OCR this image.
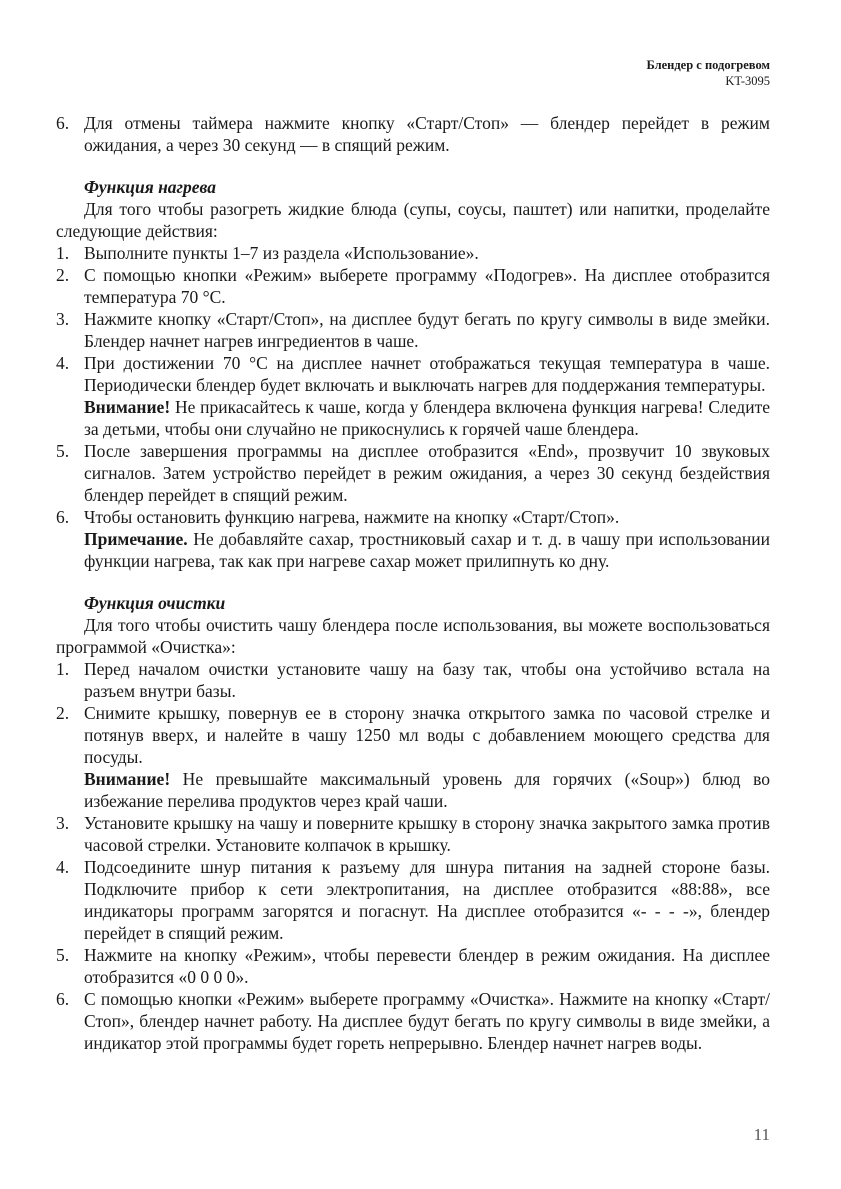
Блендер с подогревом
KT-3095

6. Для отмены таймера нажмите кнопку «Старт/Стоп» — блендер перейдет в режим ожидания, а через 30 секунд — в спящий режим.

Функция нагрева

Для того чтобы разогреть жидкие блюда (супы, соусы, паштет) или напитки, проделайте следующие действия:

1. Выполните пункты 1–7 из раздела «Использование».

2. С помощью кнопки «Режим» выберете программу «Подогрев». На дисплее отобразится температура 70 °С.

3. Нажмите кнопку «Старт/Стоп», на дисплее будут бегать по кругу символы в виде змейки. Блендер начнет нагрев ингредиентов в чаше.

4. При достижении 70 °С на дисплее начнет отображаться текущая температура в чаше. Периодически блендер будет включать и выключать нагрев для поддержания температуры.

Внимание! Не прикасайтесь к чаше, когда у блендера включена функция нагрева! Следите за детьми, чтобы они случайно не прикоснулись к горячей чаше блендера.

5. После завершения программы на дисплее отобразится «End», прозвучит 10 звуковых сигналов. Затем устройство перейдет в режим ожидания, а через 30 секунд бездействия блендер перейдет в спящий режим.

6. Чтобы остановить функцию нагрева, нажмите на кнопку «Старт/Стоп».

Примечание. Не добавляйте сахар, тростниковый сахар и т. д. в чашу при использовании функции нагрева, так как при нагреве сахар может прилипнуть ко дну.

Функция очистки

Для того чтобы очистить чашу блендера после использования, вы можете воспользоваться программой «Очистка»:

1. Перед началом очистки установите чашу на базу так, чтобы она устойчиво встала на разъем внутри базы.

2. Снимите крышку, повернув ее в сторону значка открытого замка по часовой стрелке и потянув вверх, и налейте в чашу 1250 мл воды с добавлением моющего средства для посуды.

Внимание! Не превышайте максимальный уровень для горячих («Soup») блюд во избежание перелива продуктов через край чаши.

3. Установите крышку на чашу и поверните крышку в сторону значка закрытого замка против часовой стрелки. Установите колпачок в крышку.

4. Подсоедините шнур питания к разъему для шнура питания на задней стороне базы. Подключите прибор к сети электропитания, на дисплее отобразится «88:88», все индикаторы программ загорятся и погаснут. На дисплее отобразится «- - - -», блендер перейдет в спящий режим.

5. Нажмите на кнопку «Режим», чтобы перевести блендер в режим ожидания. На дисплее отобразится «0 0 0 0».

6. С помощью кнопки «Режим» выберете программу «Очистка». Нажмите на кнопку «Старт/Стоп», блендер начнет работу. На дисплее будут бегать по кругу символы в виде змейки, а индикатор этой программы будет гореть непрерывно. Блендер начнет нагрев воды.

11
